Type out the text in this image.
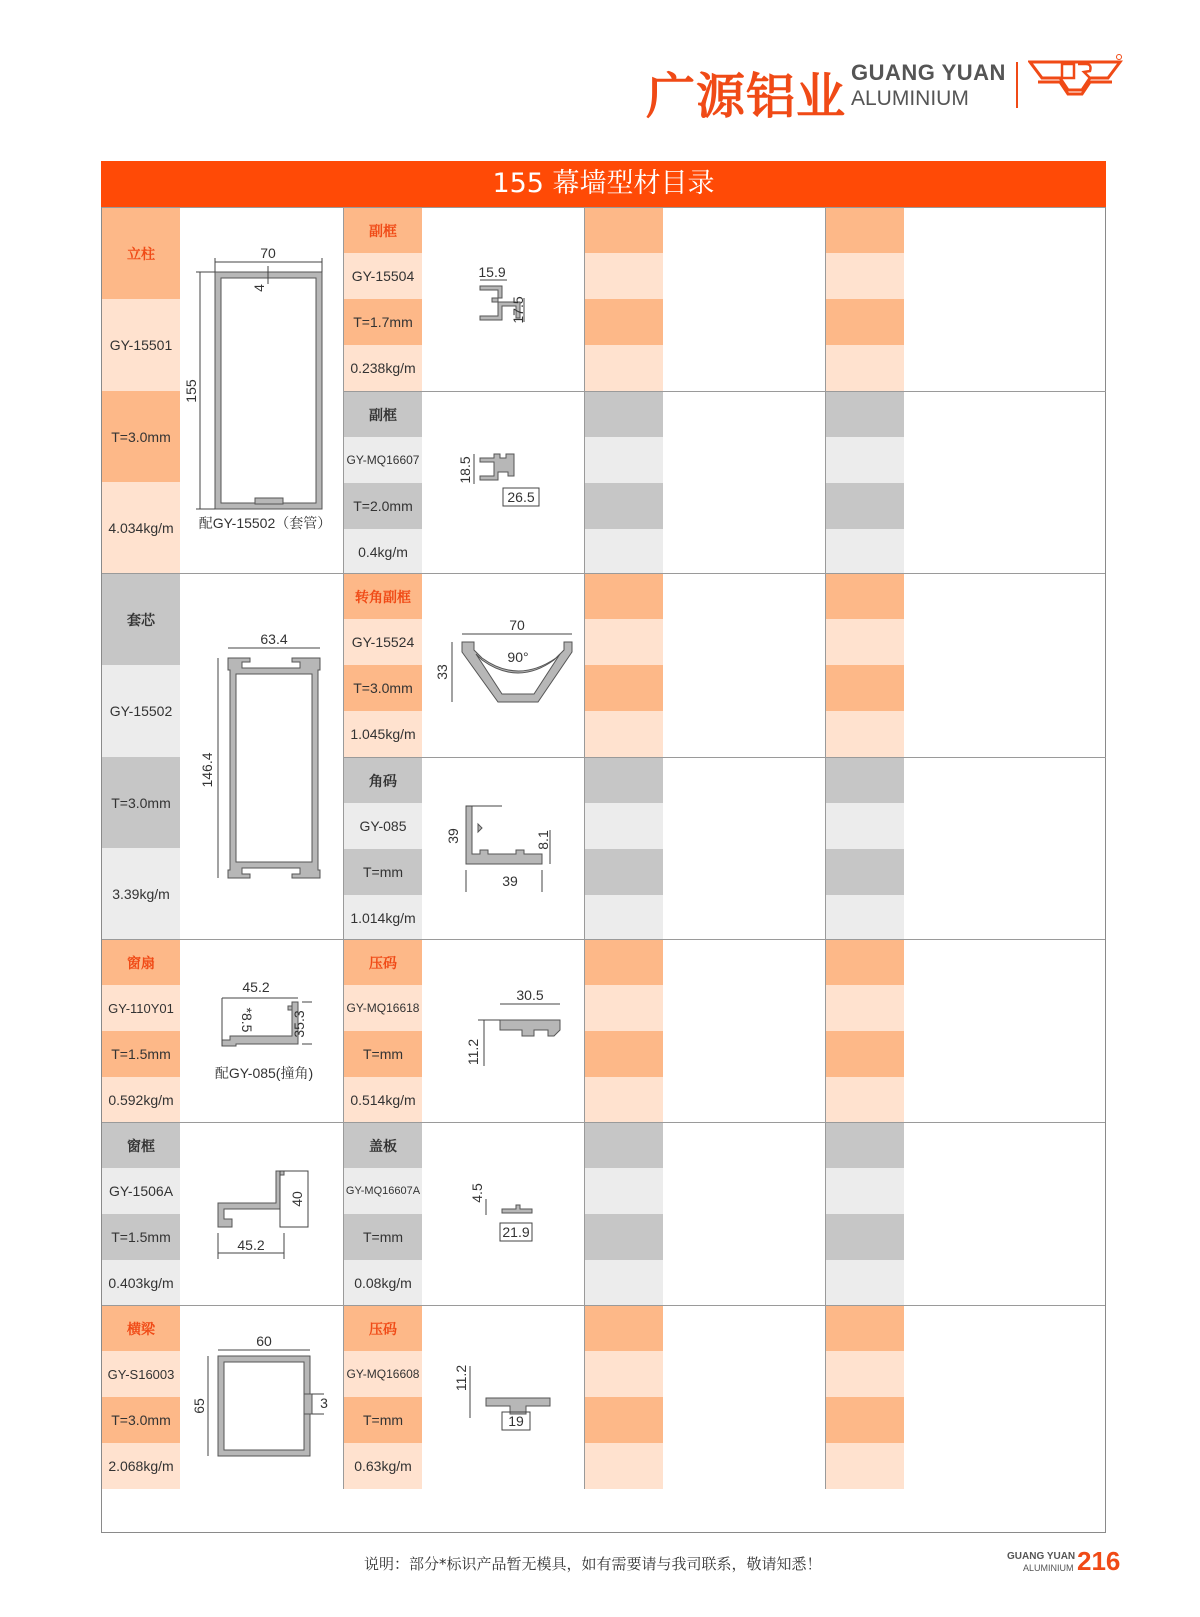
广源铝业 GUANG YUAN
ALUMINIUM
155 幕墙型材目录
立柱
GY-15501
T=3.0mm
4.034kg/m
70
4
155
配GY-15502（套管）
副框
GY-15504
T=1.7mm
0.238kg/m
15.9
17.5
副框
GY-MQ16607
T=2.0mm
0.4kg/m
18.5
26.5
套芯
GY-15502
T=3.0mm
3.39kg/m
63.4
146.4
转角副框
GY-15524
T=3.0mm
1.045kg/m
70
90°
33
角码
GY-085
T=mm
1.014kg/m
39	8.1
39
窗扇
GY-110Y01
T=1.5mm
0.592kg/m
45.2
*8.5	35.3
配GY-085(撞角)
压码
GY-MQ16618
T=mm
0.514kg/m
30.5
11.2
窗框
GY-1506A
T=1.5mm
0.403kg/m
40
45.2
盖板
GY-MQ16607A
T=mm
0.08kg/m
4.5
21.9
横梁
GY-S16003
T=3.0mm
2.068kg/m
60
65	3
压码
GY-MQ16608
T=mm
0.63kg/m
11.2
19
说明：部分*标识产品暂无模具，如有需要请与我司联系，敬请知悉！	GUANG YUAN
ALUMINIUM 216
